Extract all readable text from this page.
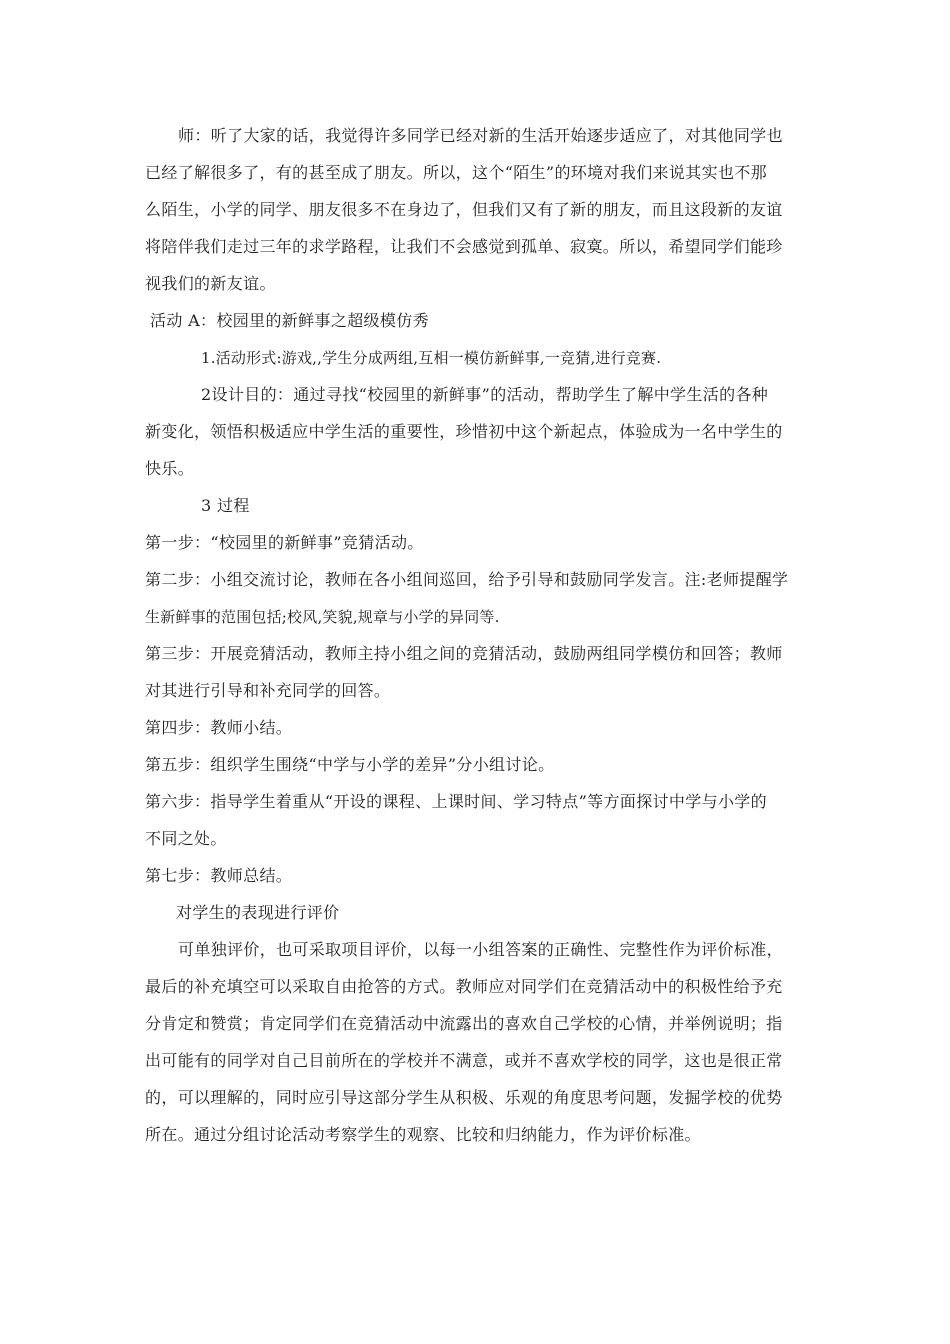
师：听了大家的话，我觉得许多同学已经对新的生活开始逐步适应了，对其他同学也
已经了解很多了，有的甚至成了朋友。所以，这个“陌生”的环境对我们来说其实也不那
么陌生，小学的同学、朋友很多不在身边了，但我们又有了新的朋友，而且这段新的友谊
将陪伴我们走过三年的求学路程，让我们不会感觉到孤单、寂寞。所以，希望同学们能珍
视我们的新友谊。
活动 A：校园里的新鲜事之超级模仿秀
1.活动形式:游戏,,学生分成两组,互相一模仿新鲜事,一竞猜,进行竞赛.
2设计目的：通过寻找“校园里的新鲜事”的活动，帮助学生了解中学生活的各种
新变化，领悟积极适应中学生活的重要性，珍惜初中这个新起点，体验成为一名中学生的
快乐。
3 过程
第一步：“校园里的新鲜事”竞猜活动。
第二步：小组交流讨论，教师在各小组间巡回，给予引导和鼓励同学发言。注:老师提醒学
生新鲜事的范围包括;校风,笑貌,规章与小学的异同等.
第三步：开展竞猜活动，教师主持小组之间的竞猜活动，鼓励两组同学模仿和回答；教师
对其进行引导和补充同学的回答。
第四步：教师小结。
第五步：组织学生围绕“中学与小学的差异”分小组讨论。
第六步：指导学生着重从“开设的课程、上课时间、学习特点”等方面探讨中学与小学的
不同之处。
第七步：教师总结。
对学生的表现进行评价
可单独评价，也可采取项目评价，以每一小组答案的正确性、完整性作为评价标准，
最后的补充填空可以采取自由抢答的方式。教师应对同学们在竞猜活动中的积极性给予充
分肯定和赞赏；肯定同学们在竞猜活动中流露出的喜欢自己学校的心情，并举例说明；指
出可能有的同学对自己目前所在的学校并不满意，或并不喜欢学校的同学，这也是很正常
的，可以理解的，同时应引导这部分学生从积极、乐观的角度思考问题，发掘学校的优势
所在。通过分组讨论活动考察学生的观察、比较和归纳能力，作为评价标准。
